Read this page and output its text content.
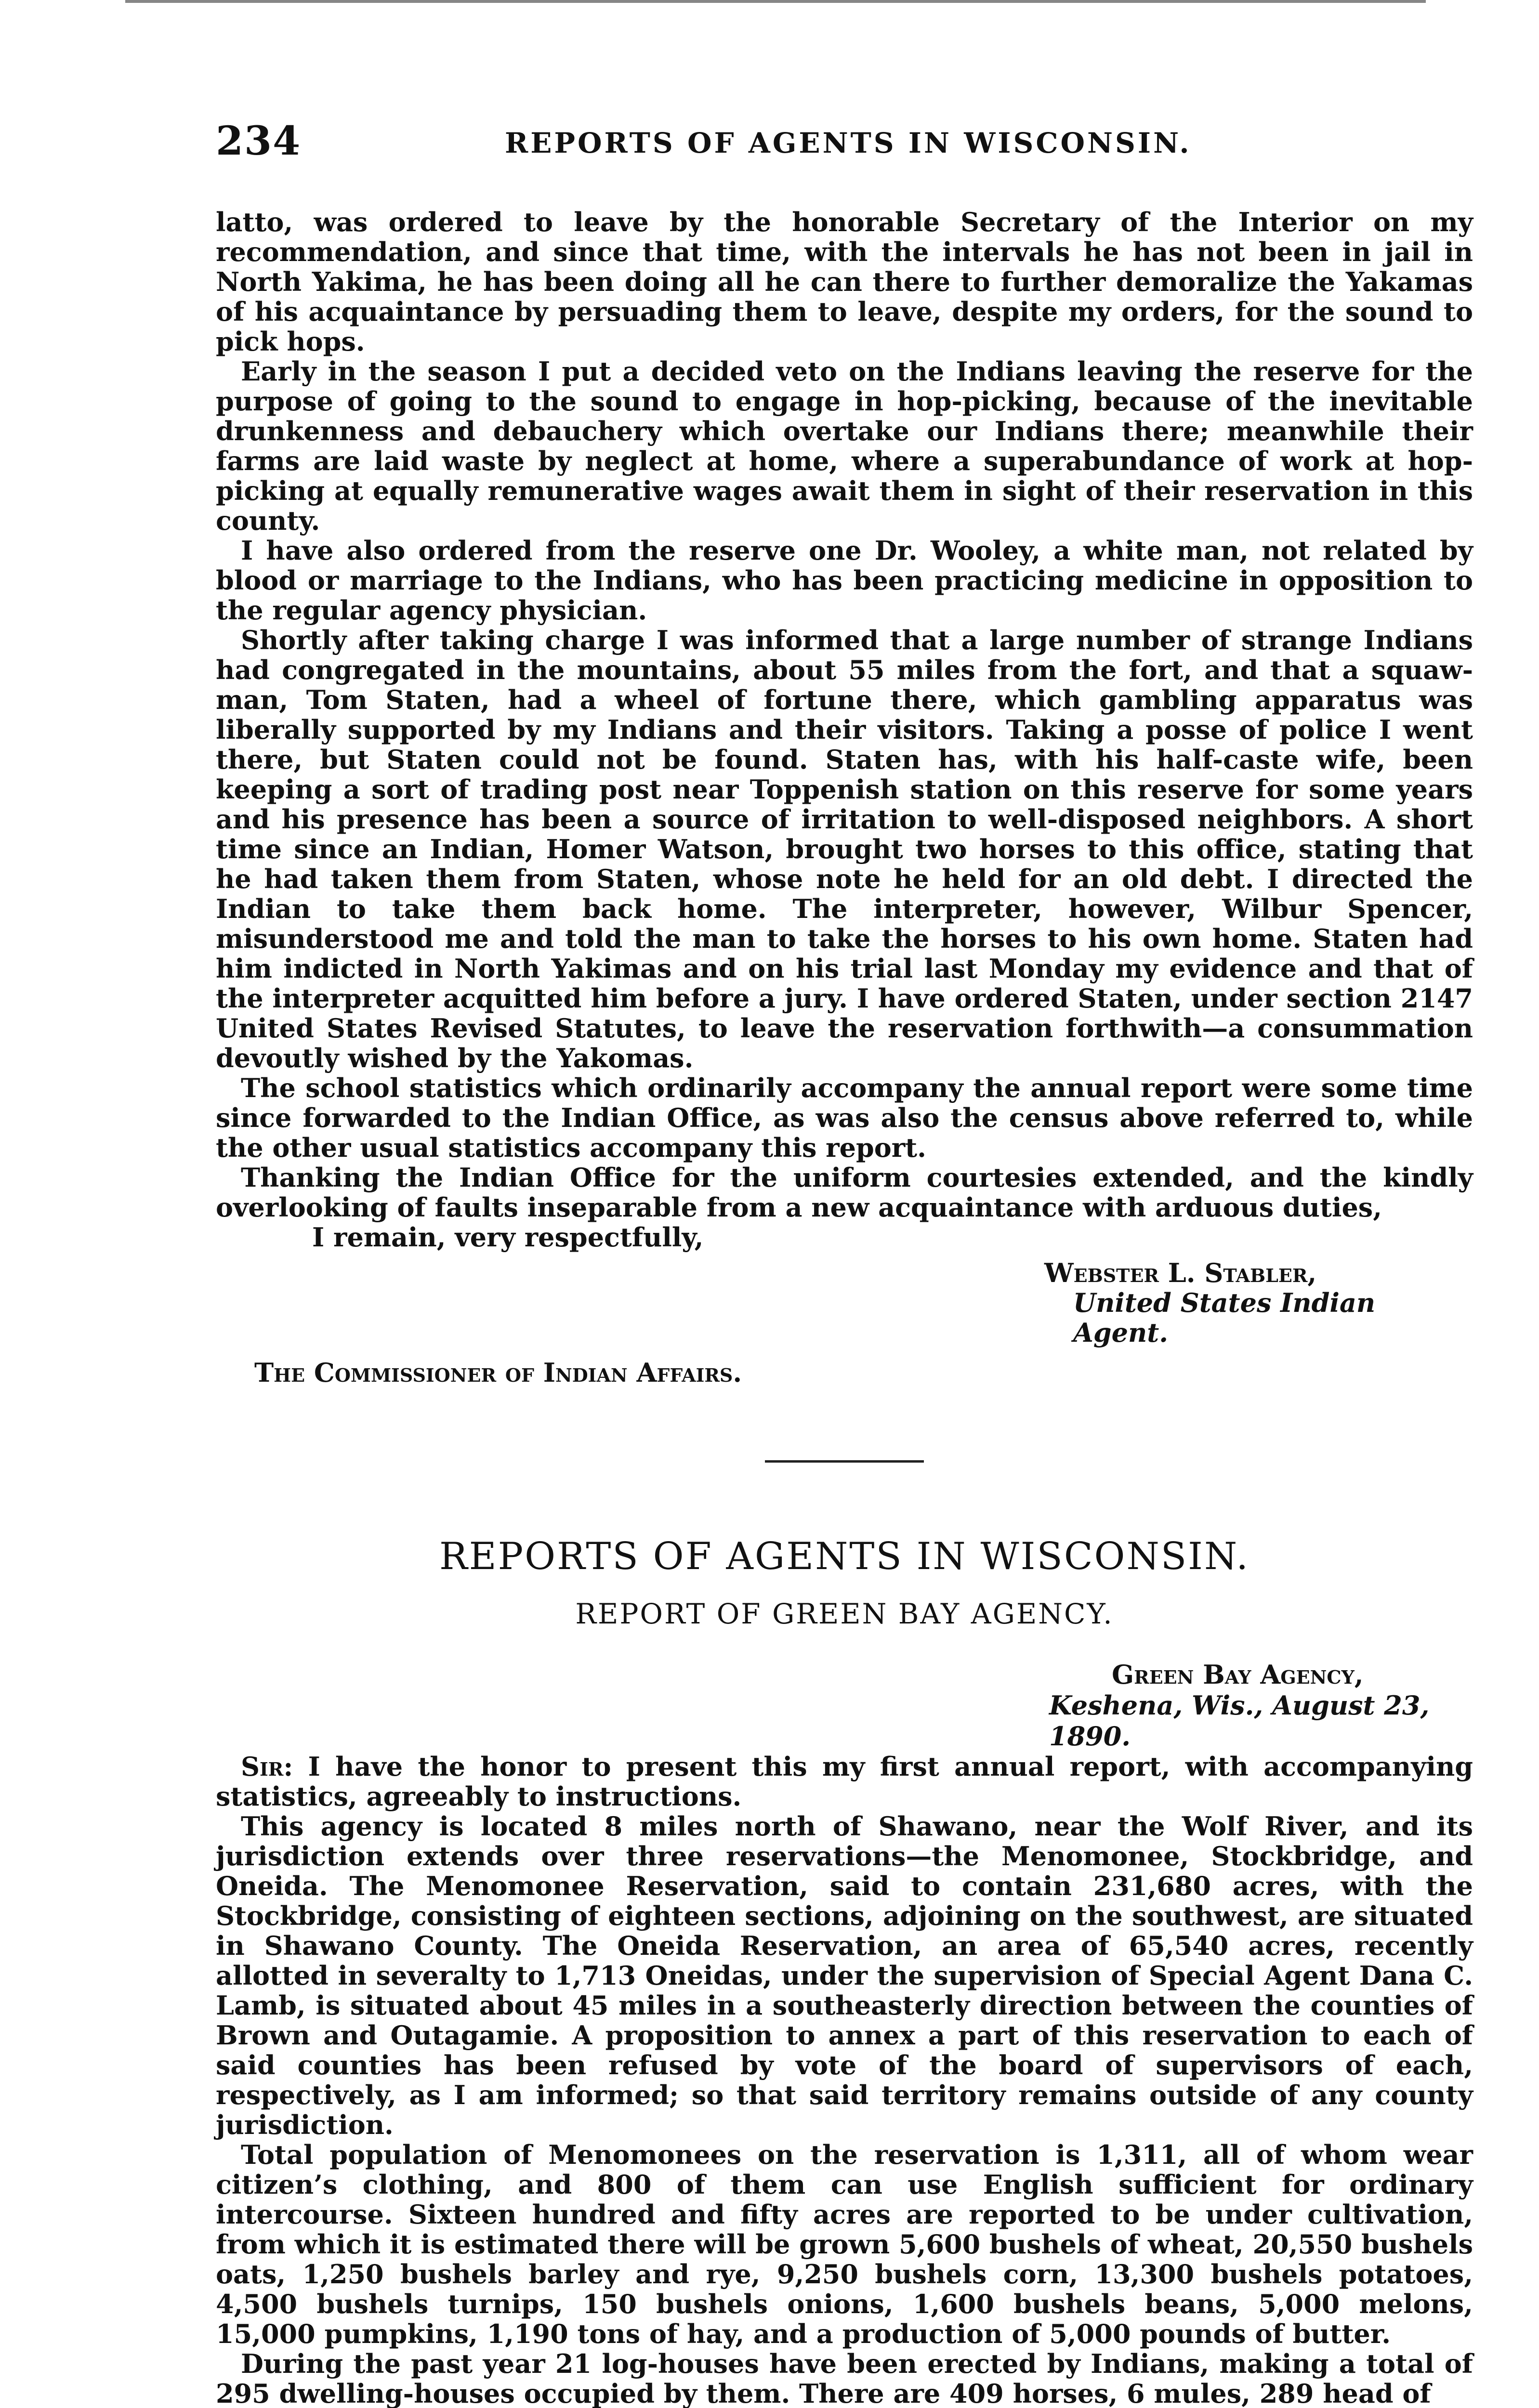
234	REPORTS OF AGENTS IN WISCONSIN.

latto, was ordered to leave by the honorable Secretary of the Interior on my recommendation, and since that time, with the intervals he has not been in jail in North Yakima, he has been doing all he can there to further demoralize the Yakamas of his acquaintance by persuading them to leave, despite my orders, for the sound to pick hops.

Early in the season I put a decided veto on the Indians leaving the reserve for the purpose of going to the sound to engage in hop-picking, because of the inevitable drunkenness and debauchery which overtake our Indians there; meanwhile their farms are laid waste by neglect at home, where a superabundance of work at hop-picking at equally remunerative wages await them in sight of their reservation in this county.

I have also ordered from the reserve one Dr. Wooley, a white man, not related by blood or marriage to the Indians, who has been practicing medicine in opposition to the regular agency physician.

Shortly after taking charge I was informed that a large number of strange Indians had congregated in the mountains, about 55 miles from the fort, and that a squaw-man, Tom Staten, had a wheel of fortune there, which gambling apparatus was liberally supported by my Indians and their visitors. Taking a posse of police I went there, but Staten could not be found. Staten has, with his half-caste wife, been keeping a sort of trading post near Toppenish station on this reserve for some years and his presence has been a source of irritation to well-disposed neighbors. A short time since an Indian, Homer Watson, brought two horses to this office, stating that he had taken them from Staten, whose note he held for an old debt. I directed the Indian to take them back home. The interpreter, however, Wilbur Spencer, misunderstood me and told the man to take the horses to his own home. Staten had him indicted in North Yakimas and on his trial last Monday my evidence and that of the interpreter acquitted him before a jury. I have ordered Staten, under section 2147 United States Revised Statutes, to leave the reservation forthwith—a consummation devoutly wished by the Yakomas.

The school statistics which ordinarily accompany the annual report were some time since forwarded to the Indian Office, as was also the census above referred to, while the other usual statistics accompany this report.

Thanking the Indian Office for the uniform courtesies extended, and the kindly overlooking of faults inseparable from a new acquaintance with arduous duties,

I remain, very respectfully,

Webster L. Stabler,
United States Indian Agent.
The Commissioner of Indian Affairs.
REPORTS OF AGENTS IN WISCONSIN.
REPORT OF GREEN BAY AGENCY.
Green Bay Agency,
Keshena, Wis., August 23, 1890.

Sir: I have the honor to present this my first annual report, with accompanying statistics, agreeably to instructions.

This agency is located 8 miles north of Shawano, near the Wolf River, and its jurisdiction extends over three reservations—the Menomonee, Stockbridge, and Oneida. The Menomonee Reservation, said to contain 231,680 acres, with the Stockbridge, consisting of eighteen sections, adjoining on the southwest, are situated in Shawano County. The Oneida Reservation, an area of 65,540 acres, recently allotted in severalty to 1,713 Oneidas, under the supervision of Special Agent Dana C. Lamb, is situated about 45 miles in a southeasterly direction between the counties of Brown and Outagamie. A proposition to annex a part of this reservation to each of said counties has been refused by vote of the board of supervisors of each, respectively, as I am informed; so that said territory remains outside of any county jurisdiction.

Total population of Menomonees on the reservation is 1,311, all of whom wear citizen’s clothing, and 800 of them can use English sufficient for ordinary intercourse. Sixteen hundred and fifty acres are reported to be under cultivation, from which it is estimated there will be grown 5,600 bushels of wheat, 20,550 bushels oats, 1,250 bushels barley and rye, 9,250 bushels corn, 13,300 bushels potatoes, 4,500 bushels turnips, 150 bushels onions, 1,600 bushels beans, 5,000 melons, 15,000 pumpkins, 1,190 tons of hay, and a production of 5,000 pounds of butter.

During the past year 21 log-houses have been erected by Indians, making a total of 295 dwelling-houses occupied by them. There are 409 horses, 6 mules, 289 head of
